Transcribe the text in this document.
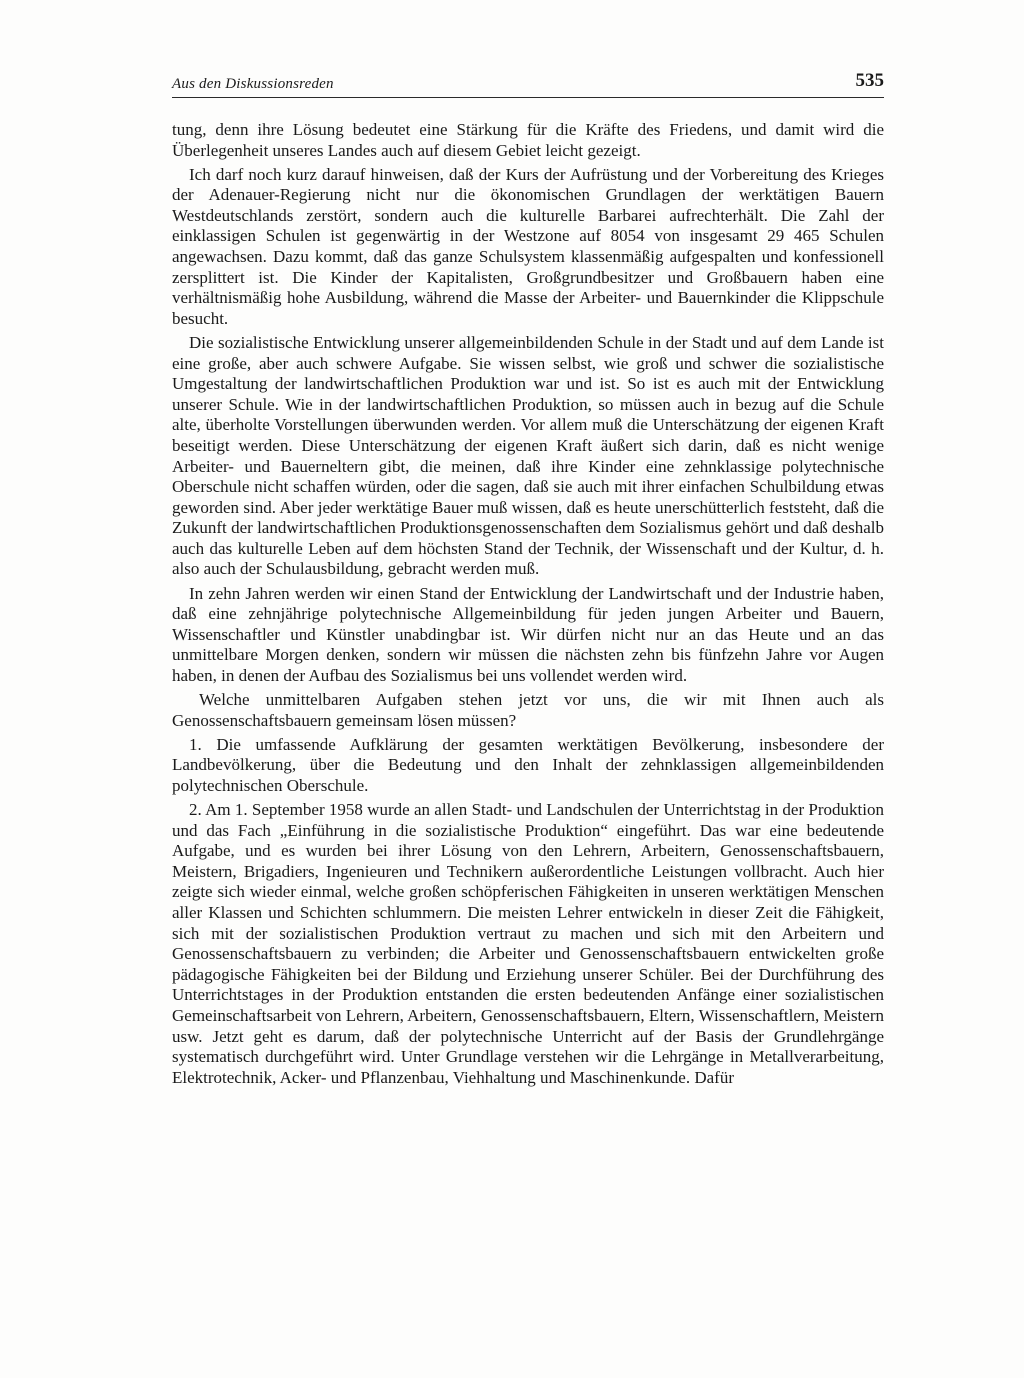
Aus den Diskussionsreden	535

tung, denn ihre Lösung bedeutet eine Stärkung für die Kräfte des Friedens, und damit wird die Überlegenheit unseres Landes auch auf diesem Gebiet leicht gezeigt.

Ich darf noch kurz darauf hinweisen, daß der Kurs der Aufrüstung und der Vorbereitung des Krieges der Adenauer-Regierung nicht nur die ökonomischen Grundlagen der werktätigen Bauern Westdeutschlands zerstört, sondern auch die kulturelle Barbarei aufrechterhält. Die Zahl der einklassigen Schulen ist gegenwärtig in der Westzone auf 8054 von insgesamt 29 465 Schulen angewachsen. Dazu kommt, daß das ganze Schulsystem klassenmäßig aufgespalten und konfessionell zersplittert ist. Die Kinder der Kapitalisten, Großgrundbesitzer und Großbauern haben eine verhältnismäßig hohe Ausbildung, während die Masse der Arbeiter- und Bauernkinder die Klippschule besucht.

Die sozialistische Entwicklung unserer allgemeinbildenden Schule in der Stadt und auf dem Lande ist eine große, aber auch schwere Aufgabe. Sie wissen selbst, wie groß und schwer die sozialistische Umgestaltung der landwirtschaftlichen Produktion war und ist. So ist es auch mit der Entwicklung unserer Schule. Wie in der landwirtschaftlichen Produktion, so müssen auch in bezug auf die Schule alte, überholte Vorstellungen überwunden werden. Vor allem muß die Unterschätzung der eigenen Kraft beseitigt werden. Diese Unterschätzung der eigenen Kraft äußert sich darin, daß es nicht wenige Arbeiter- und Bauerneltern gibt, die meinen, daß ihre Kinder eine zehnklassige polytechnische Oberschule nicht schaffen würden, oder die sagen, daß sie auch mit ihrer einfachen Schulbildung etwas geworden sind. Aber jeder werktätige Bauer muß wissen, daß es heute unerschütterlich feststeht, daß die Zukunft der landwirtschaftlichen Produktionsgenossenschaften dem Sozialismus gehört und daß deshalb auch das kulturelle Leben auf dem höchsten Stand der Technik, der Wissenschaft und der Kultur, d. h. also auch der Schulausbildung, gebracht werden muß.

In zehn Jahren werden wir einen Stand der Entwicklung der Landwirtschaft und der Industrie haben, daß eine zehnjährige polytechnische Allgemeinbildung für jeden jungen Arbeiter und Bauern, Wissenschaftler und Künstler unabdingbar ist. Wir dürfen nicht nur an das Heute und an das unmittelbare Morgen denken, sondern wir müssen die nächsten zehn bis fünfzehn Jahre vor Augen haben, in denen der Aufbau des Sozialismus bei uns vollendet werden wird.

Welche unmittelbaren Aufgaben stehen jetzt vor uns, die wir mit Ihnen auch als Genossenschaftsbauern gemeinsam lösen müssen?

1. Die umfassende Aufklärung der gesamten werktätigen Bevölkerung, insbesondere der Landbevölkerung, über die Bedeutung und den Inhalt der zehnklassigen allgemeinbildenden polytechnischen Oberschule.

2. Am 1. September 1958 wurde an allen Stadt- und Landschulen der Unterrichtstag in der Produktion und das Fach „Einführung in die sozialistische Produktion“ eingeführt. Das war eine bedeutende Aufgabe, und es wurden bei ihrer Lösung von den Lehrern, Arbeitern, Genossenschaftsbauern, Meistern, Brigadiers, Ingenieuren und Technikern außerordentliche Leistungen vollbracht. Auch hier zeigte sich wieder einmal, welche großen schöpferischen Fähigkeiten in unseren werktätigen Menschen aller Klassen und Schichten schlummern. Die meisten Lehrer entwickeln in dieser Zeit die Fähigkeit, sich mit der sozialistischen Produktion vertraut zu machen und sich mit den Arbeitern und Genossenschaftsbauern zu verbinden; die Arbeiter und Genossenschaftsbauern entwickelten große pädagogische Fähigkeiten bei der Bildung und Erziehung unserer Schüler. Bei der Durchführung des Unterrichtstages in der Produktion entstanden die ersten bedeutenden Anfänge einer sozialistischen Gemeinschaftsarbeit von Lehrern, Arbeitern, Genossenschaftsbauern, Eltern, Wissenschaftlern, Meistern usw. Jetzt geht es darum, daß der polytechnische Unterricht auf der Basis der Grundlehrgänge systematisch durchgeführt wird. Unter Grundlage verstehen wir die Lehrgänge in Metallverarbeitung, Elektrotechnik, Acker- und Pflanzenbau, Viehhaltung und Maschinenkunde. Dafür
